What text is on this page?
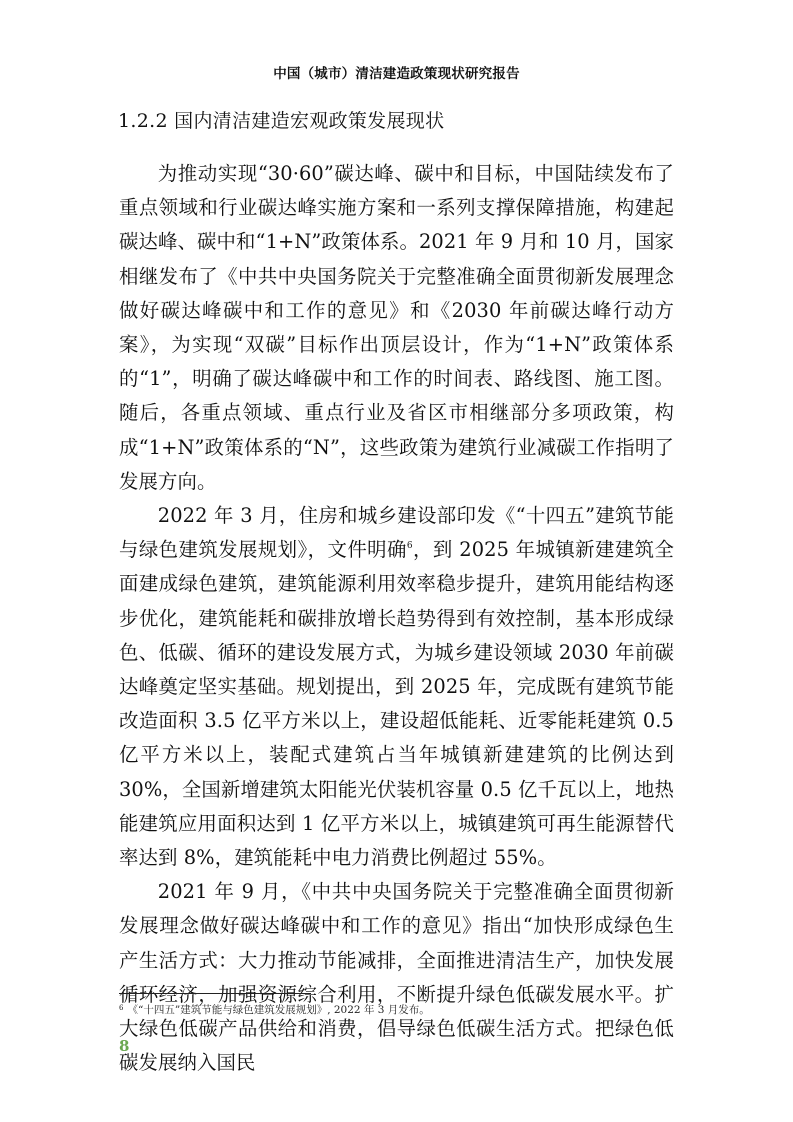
中国（城市）清洁建造政策现状研究报告
1.2.2 国内清洁建造宏观政策发展现状

为推动实现“30·60”碳达峰、碳中和目标，中国陆续发布了重点领域和行业碳达峰实施方案和一系列支撑保障措施，构建起碳达峰、碳中和“1+N”政策体系。2021 年 9 月和 10 月，国家相继发布了《中共中央国务院关于完整准确全面贯彻新发展理念做好碳达峰碳中和工作的意见》和《2030 年前碳达峰行动方案》，为实现“双碳”目标作出顶层设计，作为“1+N”政策体系的“1”，明确了碳达峰碳中和工作的时间表、路线图、施工图。随后，各重点领域、重点行业及省区市相继部分多项政策，构成“1+N”政策体系的“N”，这些政策为建筑行业减碳工作指明了发展方向。

2022 年 3 月，住房和城乡建设部印发《“十四五”建筑节能与绿色建筑发展规划》，文件明确$^6$，到 2025 年城镇新建建筑全面建成绿色建筑，建筑能源利用效率稳步提升，建筑用能结构逐步优化，建筑能耗和碳排放增长趋势得到有效控制，基本形成绿色、低碳、循环的建设发展方式，为城乡建设领域 2030 年前碳达峰奠定坚实基础。规划提出，到 2025 年，完成既有建筑节能改造面积 3.5 亿平方米以上，建设超低能耗、近零能耗建筑 0.5 亿平方米以上，装配式建筑占当年城镇新建建筑的比例达到 30%，全国新增建筑太阳能光伏装机容量 0.5 亿千瓦以上，地热能建筑应用面积达到 1 亿平方米以上，城镇建筑可再生能源替代率达到 8%，建筑能耗中电力消费比例超过 55%。

2021 年 9 月，《中共中央国务院关于完整准确全面贯彻新发展理念做好碳达峰碳中和工作的意见》指出“加快形成绿色生产生活方式：大力推动节能减排，全面推进清洁生产，加快发展循环经济，加强资源综合利用，不断提升绿色低碳发展水平。扩大绿色低碳产品供给和消费，倡导绿色低碳生活方式。把绿色低碳发展纳入国民

$^6$ 《“十四五”建筑节能与绿色建筑发展规划》, 2022 年 3 月发布。
8
